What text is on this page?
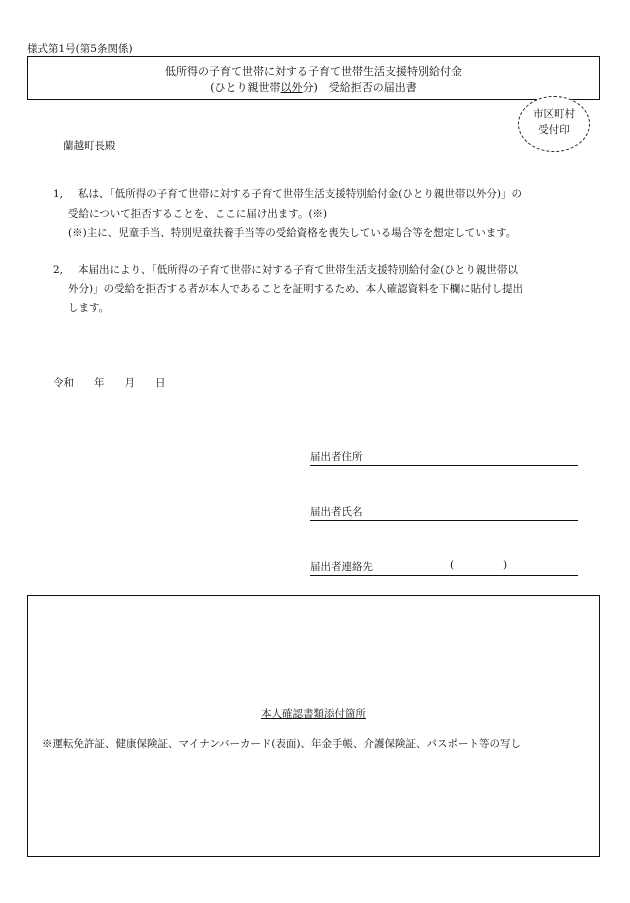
様式第1号(第5条関係)
低所得の子育て世帯に対する子育て世帯生活支援特別給付金
(ひとり親世帯以外分)　受給拒否の届出書
市区町村
受付印
蘭越町長殿
1, 私は、「低所得の子育て世帯に対する子育て世帯生活支援特別給付金(ひとり親世帯以外分)」の
受給について拒否することを、ここに届け出ます。(※)
(※)主に、児童手当、特別児童扶養手当等の受給資格を喪失している場合等を想定しています。
2, 本届出により、「低所得の子育て世帯に対する子育て世帯生活支援特別給付金(ひとり親世帯以
外分)」の受給を拒否する者が本人であることを証明するため、本人確認資料を下欄に貼付し提出
します。
令和 年 月 日
届出者住所
届出者氏名
届出者連絡先	(	)
本人確認書類添付箇所
※運転免許証、健康保険証、マイナンバーカード(表面)、年金手帳、介護保険証、パスポート等の写し
